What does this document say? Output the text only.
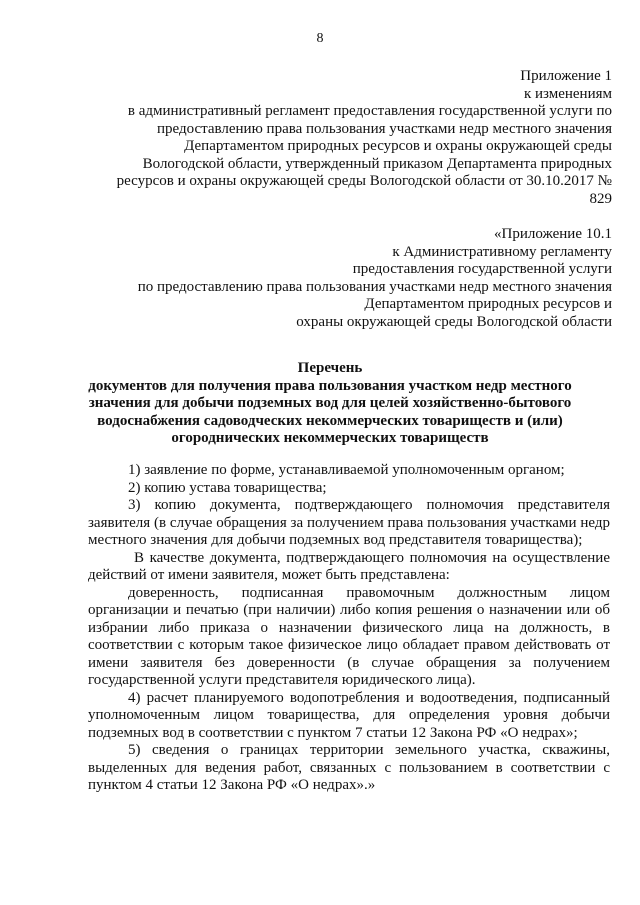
8
Приложение 1
к изменениям
в административный регламент предоставления государственной услуги по
предоставлению права пользования участками недр местного значения
Департаментом природных ресурсов и охраны окружающей среды
Вологодской области, утвержденный приказом Департамента природных
ресурсов и охраны окружающей среды Вологодской области от 30.10.2017 №
829
«Приложение 10.1
к Административному регламенту
предоставления государственной услуги
по предоставлению права пользования участками недр местного значения
Департаментом природных ресурсов и
охраны окружающей среды Вологодской области
Перечень
документов для получения права пользования участком недр местного
значения для добычи подземных вод для целей хозяйственно-бытового
водоснабжения садоводческих некоммерческих товариществ и (или)
огороднических некоммерческих товариществ

1) заявление по форме, устанавливаемой уполномоченным органом;

2) копию устава товарищества;

3) копию документа, подтверждающего полномочия представителя заявителя (в случае обращения за получением права пользования участками недр местного значения для добычи подземных вод представителя товарищества);

В качестве документа, подтверждающего полномочия на осуществление действий от имени заявителя, может быть представлена:

доверенность, подписанная правомочным должностным лицом организации и печатью (при наличии) либо копия решения о назначении или об избрании либо приказа о назначении физического лица на должность, в соответствии с которым такое физическое лицо обладает правом действовать от имени заявителя без доверенности (в случае обращения за получением государственной услуги представителя юридического лица).

4) расчет планируемого водопотребления и водоотведения, подписанный уполномоченным лицом товарищества, для определения уровня добычи подземных вод в соответствии с пунктом 7 статьи 12 Закона РФ «О недрах»;

5) сведения о границах территории земельного участка, скважины, выделенных для ведения работ, связанных с пользованием в соответствии с пунктом 4 статьи 12 Закона РФ «О недрах».»
